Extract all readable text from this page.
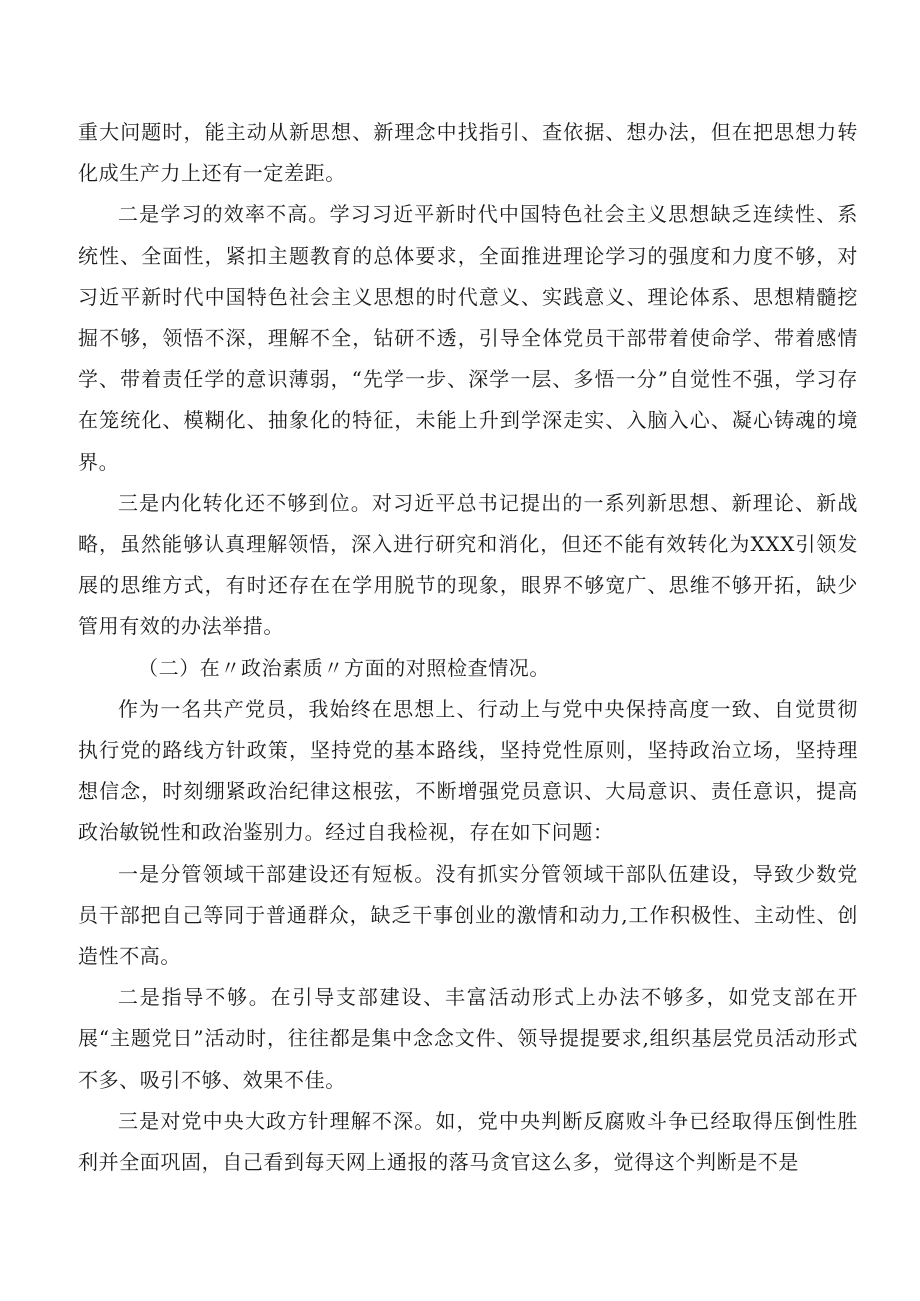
重大问题时，能主动从新思想、新理念中找指引、查依据、想办法，但在把思想力转化成生产力上还有一定差距。

二是学习的效率不高。学习习近平新时代中国特色社会主义思想缺乏连续性、系统性、全面性，紧扣主题教育的总体要求，全面推进理论学习的强度和力度不够，对习近平新时代中国特色社会主义思想的时代意义、实践意义、理论体系、思想精髓挖掘不够，领悟不深，理解不全，钻研不透，引导全体党员干部带着使命学、带着感情学、带着责任学的意识薄弱，“先学一步、深学一层、多悟一分”自觉性不强，学习存在笼统化、模糊化、抽象化的特征，未能上升到学深走实、入脑入心、凝心铸魂的境界。

三是内化转化还不够到位。对习近平总书记提出的一系列新思想、新理论、新战略，虽然能够认真理解领悟，深入进行研究和消化，但还不能有效转化为XXX引领发展的思维方式，有时还存在在学用脱节的现象，眼界不够宽广、思维不够开拓，缺少管用有效的办法举措。

（二）在〃政治素质〃方面的对照检查情况。

作为一名共产党员，我始终在思想上、行动上与党中央保持高度一致、自觉贯彻执行党的路线方针政策，坚持党的基本路线，坚持党性原则，坚持政治立场，坚持理想信念，时刻绷紧政治纪律这根弦，不断增强党员意识、大局意识、责任意识，提高政治敏锐性和政治鉴别力。经过自我检视，存在如下问题：

一是分管领域干部建设还有短板。没有抓实分管领域干部队伍建设，导致少数党员干部把自己等同于普通群众，缺乏干事创业的激情和动力,工作积极性、主动性、创造性不高。

二是指导不够。在引导支部建设、丰富活动形式上办法不够多，如党支部在开展“主题党日”活动时，往往都是集中念念文件、领导提提要求,组织基层党员活动形式不多、吸引不够、效果不佳。

三是对党中央大政方针理解不深。如，党中央判断反腐败斗争已经取得压倒性胜利并全面巩固，自己看到每天网上通报的落马贪官这么多，觉得这个判断是不是
